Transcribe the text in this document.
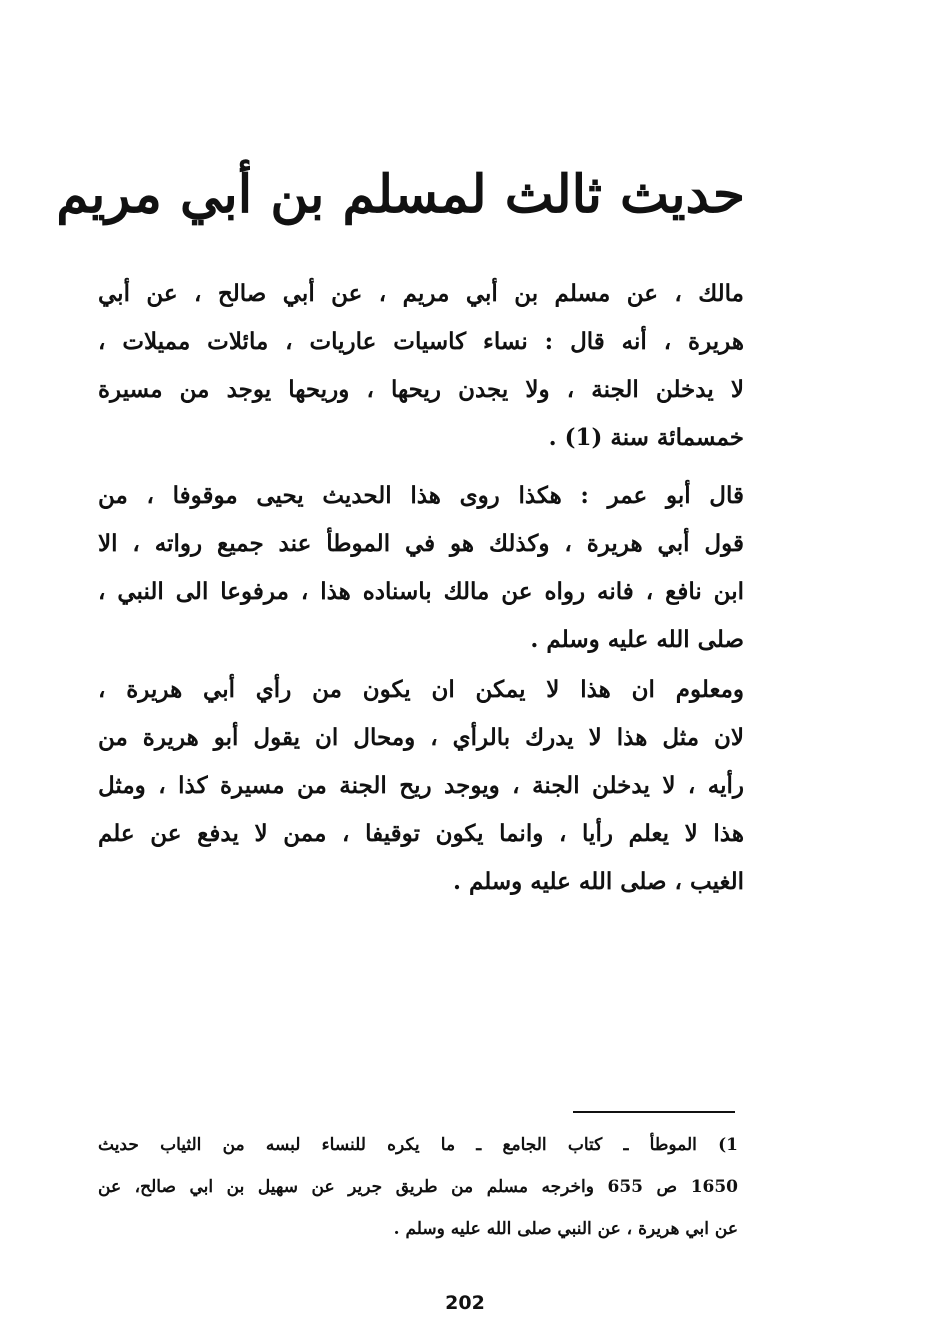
حديث ثالث لمسلم بن أبي مريم

مالك ، عن مسلم بن أبي مريم ، عن أبي صالح ، عن أبي
هريرة ، أنه قال : نساء كاسيات عاريات ، مائلات مميلات ،
لا يدخلن الجنة ، ولا يجدن ريحها ، وريحها يوجد من مسيرة
خمسمائة سنة (1) .

قال أبو عمر : هكذا روى هذا الحديث يحيى موقوفا ، من
قول أبي هريرة ، وكذلك هو في الموطأ عند جميع رواته ، الا
ابن نافع ، فانه رواه عن مالك باسناده هذا ، مرفوعا الى النبي ،
صلى الله عليه وسلم .

ومعلوم ان هذا لا يمكن ان يكون من رأي أبي هريرة ،
لان مثل هذا لا يدرك بالرأي ، ومحال ان يقول أبو هريرة من
رأيه ، لا يدخلن الجنة ، ويوجد ريح الجنة من مسيرة كذا ، ومثل
هذا لا يعلم رأيا ، وانما يكون توقيفا ، ممن لا يدفع عن علم
الغيب ، صلى الله عليه وسلم .

1) الموطأ ـ كتاب الجامع ـ ما يكره للنساء لبسه من الثياب حديث
1650 ص 655 واخرجه مسلم من طريق جرير عن سهيل بن ابي صالح، عن
عن ابي هريرة ، عن النبي صلى الله عليه وسلم .

202
